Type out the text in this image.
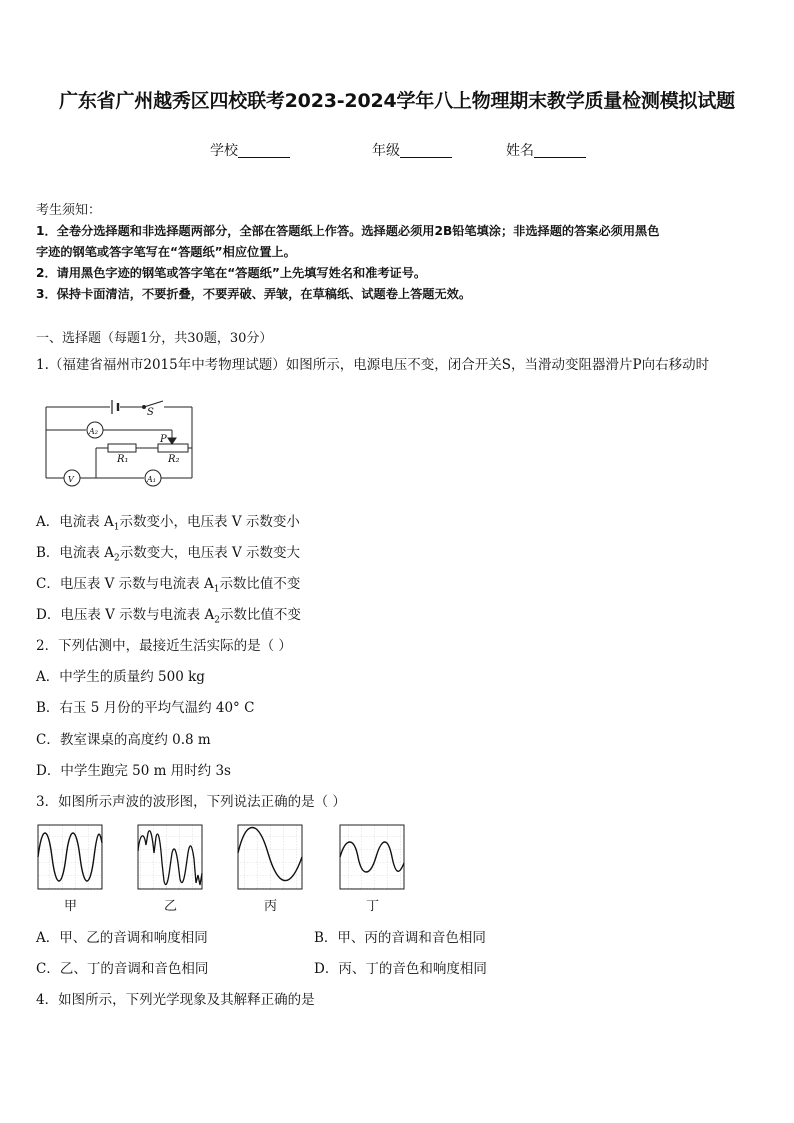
广东省广州越秀区四校联考2023-2024学年八上物理期末教学质量检测模拟试题
学校	年级	姓名
考生须知：
1．全卷分选择题和非选择题两部分，全部在答题纸上作答。选择题必须用2B铅笔填涂；非选择题的答案必须用黑色
字迹的钢笔或答字笔写在“答题纸”相应位置上。
2．请用黑色字迹的钢笔或答字笔在“答题纸”上先填写姓名和准考证号。
3．保持卡面清洁，不要折叠，不要弄破、弄皱，在草稿纸、试题卷上答题无效。
一、选择题（每题1分，共30题，30分）
1.（福建省福州市2015年中考物理试题）如图所示，电源电压不变，闭合开关S，当滑动变阻器滑片P向右移动时
S
A₂
P
R₁	R₂
V	A₁
A．电流表 $A_1$示数变小，电压表 V 示数变小
B．电流表 $A_2$示数变大，电压表 V 示数变大
C．电压表 V 示数与电流表 $A_1$示数比值不变
D．电压表 V 示数与电流表 $A_2$示数比值不变
2．下列估测中，最接近生活实际的是（ ）
A．中学生的质量约 500 kg
B．右玉 5 月份的平均气温约 40° C
C．教室课桌的高度约 0.8 m
D．中学生跑完 50 m 用时约 3s
3．如图所示声波的波形图，下列说法正确的是（ ）
甲	乙	丙	丁
A．甲、乙的音调和响度相同	B．甲、丙的音调和音色相同
C．乙、丁的音调和音色相同	D．丙、丁的音色和响度相同
4．如图所示，下列光学现象及其解释正确的是
